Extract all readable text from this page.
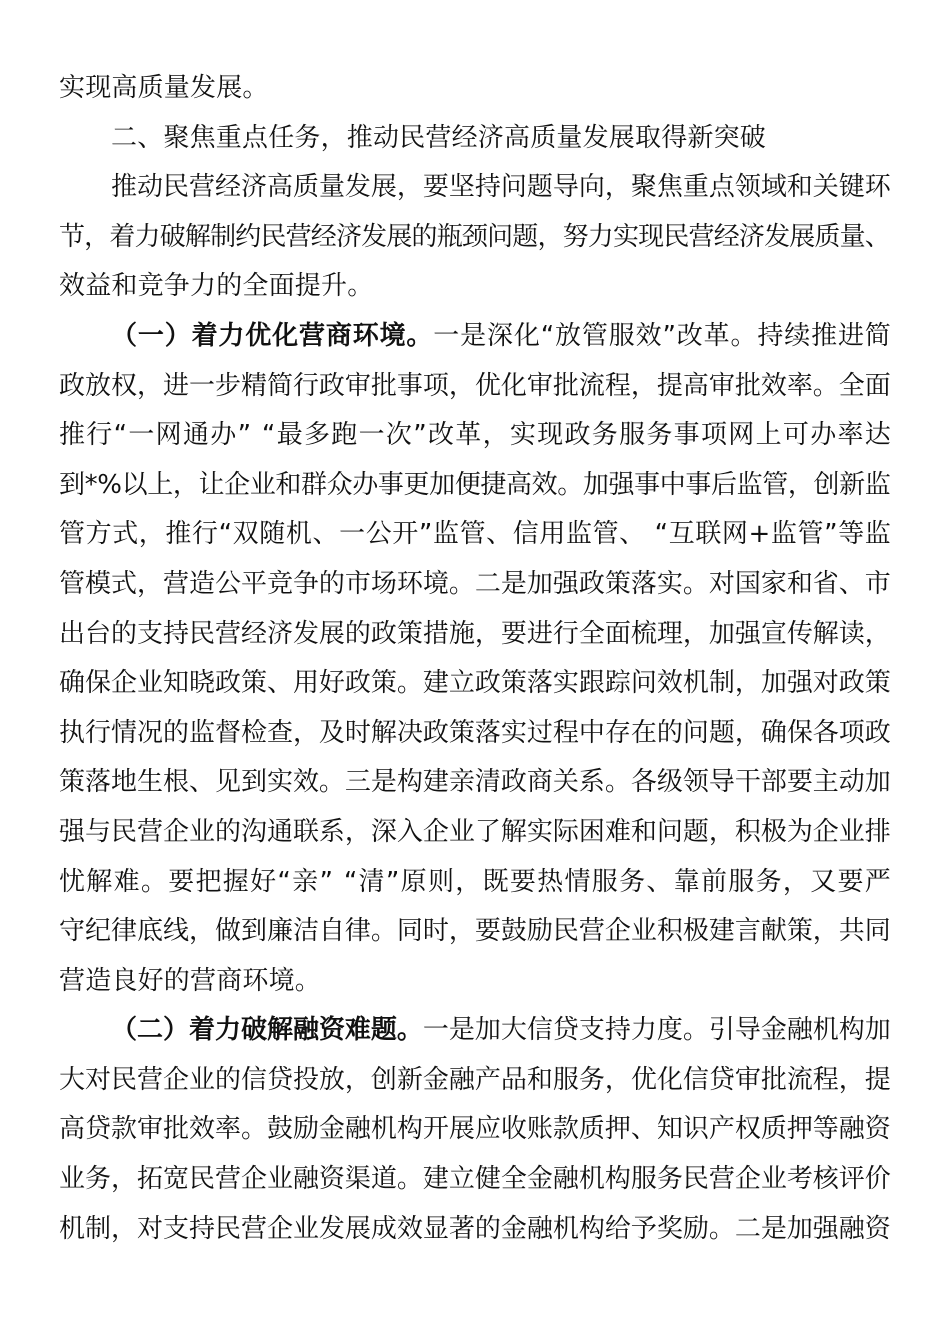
实现高质量发展。
二、聚焦重点任务，推动民营经济高质量发展取得新突破
推动民营经济高质量发展，要坚持问题导向，聚焦重点领域和关键环
节，着力破解制约民营经济发展的瓶颈问题，努力实现民营经济发展质量、
效益和竞争力的全面提升。
（一）着力优化营商环境。一是深化“放管服效”改革。持续推进简
政放权，进一步精简行政审批事项，优化审批流程，提高审批效率。全面
推行“一网通办” “最多跑一次”改革，实现政务服务事项网上可办率达
到*%以上，让企业和群众办事更加便捷高效。加强事中事后监管，创新监
管方式，推行“双随机、一公开”监管、信用监管、 “互联网+监管”等监
管模式，营造公平竞争的市场环境。二是加强政策落实。对国家和省、市
出台的支持民营经济发展的政策措施，要进行全面梳理，加强宣传解读，
确保企业知晓政策、用好政策。建立政策落实跟踪问效机制，加强对政策
执行情况的监督检查，及时解决政策落实过程中存在的问题，确保各项政
策落地生根、见到实效。三是构建亲清政商关系。各级领导干部要主动加
强与民营企业的沟通联系，深入企业了解实际困难和问题，积极为企业排
忧解难。要把握好“亲” “清”原则，既要热情服务、靠前服务，又要严
守纪律底线，做到廉洁自律。同时，要鼓励民营企业积极建言献策，共同
营造良好的营商环境。
（二）着力破解融资难题。一是加大信贷支持力度。引导金融机构加
大对民营企业的信贷投放，创新金融产品和服务，优化信贷审批流程，提
高贷款审批效率。鼓励金融机构开展应收账款质押、知识产权质押等融资
业务，拓宽民营企业融资渠道。建立健全金融机构服务民营企业考核评价
机制，对支持民营企业发展成效显著的金融机构给予奖励。二是加强融资
